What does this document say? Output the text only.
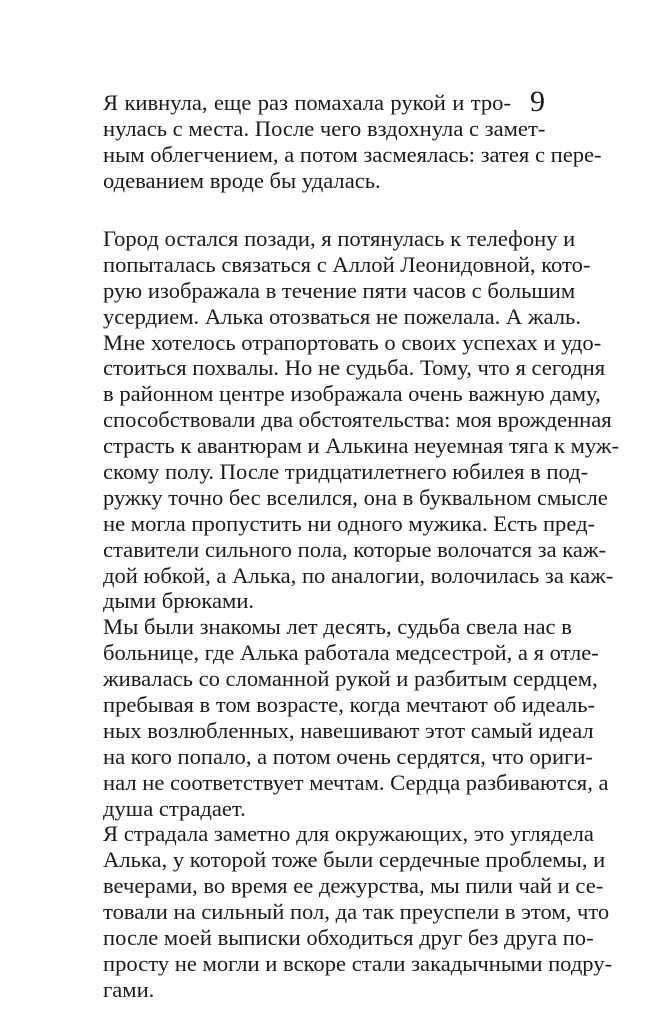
9
Я кивнула, еще раз помахала рукой и тро-
нулась с места. После чего вздохнула с замет-
ным облегчением, а потом засмеялась: затея с пере-
одеванием вроде бы удалась.
Город остался позади, я потянулась к телефону и
попыталась связаться с Аллой Леонидовной, кото-
рую изображала в течение пяти часов с большим
усердием. Алька отозваться не пожелала. А жаль.
Мне хотелось отрапортовать о своих успехах и удо-
стоиться похвалы. Но не судьба. Тому, что я сегодня
в районном центре изображала очень важную даму,
способствовали два обстоятельства: моя врожденная
страсть к авантюрам и Алькина неуемная тяга к муж-
скому полу. После тридцатилетнего юбилея в под-
ружку точно бес вселился, она в буквальном смысле
не могла пропустить ни одного мужика. Есть пред-
ставители сильного пола, которые волочатся за каж-
дой юбкой, а Алька, по аналогии, волочилась за каж-
дыми брюками.
Мы были знакомы лет десять, судьба свела нас в
больнице, где Алька работала медсестрой, а я отле-
живалась со сломанной рукой и разбитым сердцем,
пребывая в том возрасте, когда мечтают об идеаль-
ных возлюбленных, навешивают этот самый идеал
на кого попало, а потом очень сердятся, что ориги-
нал не соответствует мечтам. Сердца разбиваются, а
душа страдает.
Я страдала заметно для окружающих, это углядела
Алька, у которой тоже были сердечные проблемы, и
вечерами, во время ее дежурства, мы пили чай и се-
товали на сильный пол, да так преуспели в этом, что
после моей выписки обходиться друг без друга по-
просту не могли и вскоре стали закадычными подру-
гами.
